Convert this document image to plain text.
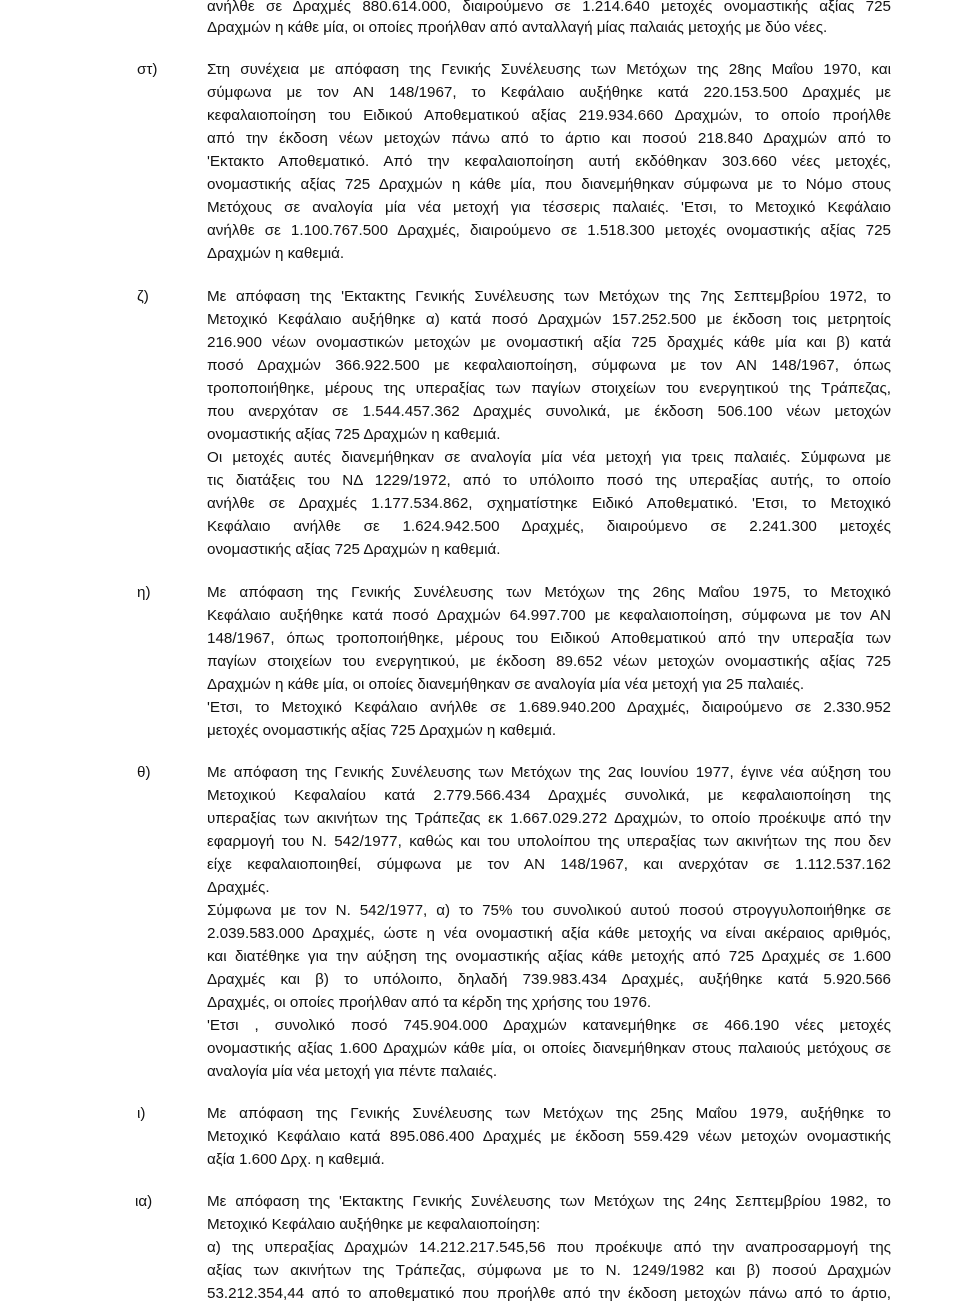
ανήλθε σε Δραχμές 880.614.000, διαιρούμενο σε 1.214.640 μετοχές ονομαστικής αξίας 725
Δραχμών η κάθε μία, οι οποίες προήλθαν από ανταλλαγή μίας παλαιάς μετοχής με δύο νέες.
στ)	Στη συνέχεια με απόφαση της Γενικής Συνέλευσης των Μετόχων της 28ης Μαΐου 1970, και
σύμφωνα με τον ΑΝ 148/1967, το Κεφάλαιο αυξήθηκε κατά 220.153.500 Δραχμές με
κεφαλαιοποίηση του Ειδικού Αποθεματικού αξίας 219.934.660 Δραχμών, το οποίο προήλθε
από την έκδοση νέων μετοχών πάνω από το άρτιο και ποσού 218.840 Δραχμών από το
'Εκτακτο Αποθεματικό. Από την κεφαλαιοποίηση αυτή εκδόθηκαν 303.660 νέες μετοχές,
ονομαστικής αξίας 725 Δραχμών η κάθε μία, που διανεμήθηκαν σύμφωνα με το Νόμο στους
Μετόχους σε αναλογία μία νέα μετοχή για τέσσερις παλαιές. 'Ετσι, το Μετοχικό Κεφάλαιο
ανήλθε σε 1.100.767.500 Δραχμές, διαιρούμενο σε 1.518.300 μετοχές ονομαστικής αξίας 725
Δραχμών η καθεμιά.
ζ)	Με απόφαση της 'Εκτακτης Γενικής Συνέλευσης των Μετόχων της 7ης Σεπτεμβρίου 1972, το
Μετοχικό Κεφάλαιο αυξήθηκε α) κατά ποσό Δραχμών 157.252.500 με έκδοση τοις μετρητοίς
216.900 νέων ονομαστικών μετοχών με ονομαστική αξία 725 δραχμές κάθε μία και β) κατά
ποσό Δραχμών 366.922.500 με κεφαλαιοποίηση, σύμφωνα με τον ΑΝ 148/1967, όπως
τροποποιήθηκε, μέρους της υπεραξίας των παγίων στοιχείων του ενεργητικού της Τράπεζας,
που ανερχόταν σε 1.544.457.362 Δραχμές συνολικά, με έκδοση 506.100 νέων μετοχών
ονομαστικής αξίας 725 Δραχμών η καθεμιά.
Οι μετοχές αυτές διανεμήθηκαν σε αναλογία μία νέα μετοχή για τρεις παλαιές. Σύμφωνα με
τις διατάξεις του ΝΔ 1229/1972, από το υπόλοιπο ποσό της υπεραξίας αυτής, το οποίο
ανήλθε σε Δραχμές 1.177.534.862, σχηματίστηκε Ειδικό Αποθεματικό. 'Ετσι, το Μετοχικό
Κεφάλαιο ανήλθε σε 1.624.942.500 Δραχμές, διαιρούμενο σε 2.241.300 μετοχές
ονομαστικής αξίας 725 Δραχμών η καθεμιά.
η)	Με απόφαση της Γενικής Συνέλευσης των Μετόχων της 26ης Μαΐου 1975, το Μετοχικό
Κεφάλαιο αυξήθηκε κατά ποσό Δραχμών 64.997.700 με κεφαλαιοποίηση, σύμφωνα με τον ΑΝ
148/1967, όπως τροποποιήθηκε, μέρους του Ειδικού Αποθεματικού από την υπεραξία των
παγίων στοιχείων του ενεργητικού, με έκδοση 89.652 νέων μετοχών ονομαστικής αξίας 725
Δραχμών η κάθε μία, οι οποίες διανεμήθηκαν σε αναλογία μία νέα μετοχή για 25 παλαιές.
'Ετσι, το Μετοχικό Κεφάλαιο ανήλθε σε 1.689.940.200 Δραχμές, διαιρούμενο σε 2.330.952
μετοχές ονομαστικής αξίας 725 Δραχμών η καθεμιά.
θ)	Με απόφαση της Γενικής Συνέλευσης των Μετόχων της 2ας Ιουνίου 1977, έγινε νέα αύξηση του
Μετοχικού Κεφαλαίου κατά 2.779.566.434 Δραχμές συνολικά, με κεφαλαιοποίηση της
υπεραξίας των ακινήτων της Τράπεζας εκ 1.667.029.272 Δραχμών, το οποίο προέκυψε από την
εφαρμογή του Ν. 542/1977, καθώς και του υπολοίπου της υπεραξίας των ακινήτων της που δεν
είχε κεφαλαιοποιηθεί, σύμφωνα με τον ΑΝ 148/1967, και ανερχόταν σε 1.112.537.162
Δραχμές.
Σύμφωνα με τον Ν. 542/1977, α) το 75% του συνολικού αυτού ποσού στρογγυλοποιήθηκε σε
2.039.583.000 Δραχμές, ώστε η νέα ονομαστική αξία κάθε μετοχής να είναι ακέραιος αριθμός,
και διατέθηκε για την αύξηση της ονομαστικής αξίας κάθε μετοχής από 725 Δραχμές σε 1.600
Δραχμές και β) το υπόλοιπο, δηλαδή 739.983.434 Δραχμές, αυξήθηκε κατά 5.920.566
Δραχμές, οι οποίες προήλθαν από τα κέρδη της χρήσης του 1976.
'Ετσι , συνολικό ποσό 745.904.000 Δραχμών κατανεμήθηκε σε 466.190 νέες μετοχές
ονομαστικής αξίας 1.600 Δραχμών κάθε μία, οι οποίες διανεμήθηκαν στους παλαιούς μετόχους σε
αναλογία μία νέα μετοχή για πέντε παλαιές.
ι)	Με απόφαση της Γενικής Συνέλευσης των Μετόχων της 25ης Μαΐου 1979, αυξήθηκε το
Μετοχικό Κεφάλαιο κατά 895.086.400 Δραχμές με έκδοση 559.429 νέων μετοχών ονομαστικής
αξία 1.600 Δρχ. η καθεμιά.
ια)	Με απόφαση της 'Εκτακτης Γενικής Συνέλευσης των Μετόχων της 24ης Σεπτεμβρίου 1982, το
Μετοχικό Κεφάλαιο αυξήθηκε με κεφαλαιοποίηση:
α) της υπεραξίας Δραχμών 14.212.217.545,56 που προέκυψε από την αναπροσαρμογή της
αξίας των ακινήτων της Τράπεζας, σύμφωνα με το Ν. 1249/1982 και β) ποσού Δραχμών
53.212.354,44 από το αποθεματικό που προήλθε από την έκδοση μετοχών πάνω από το άρτιο,
